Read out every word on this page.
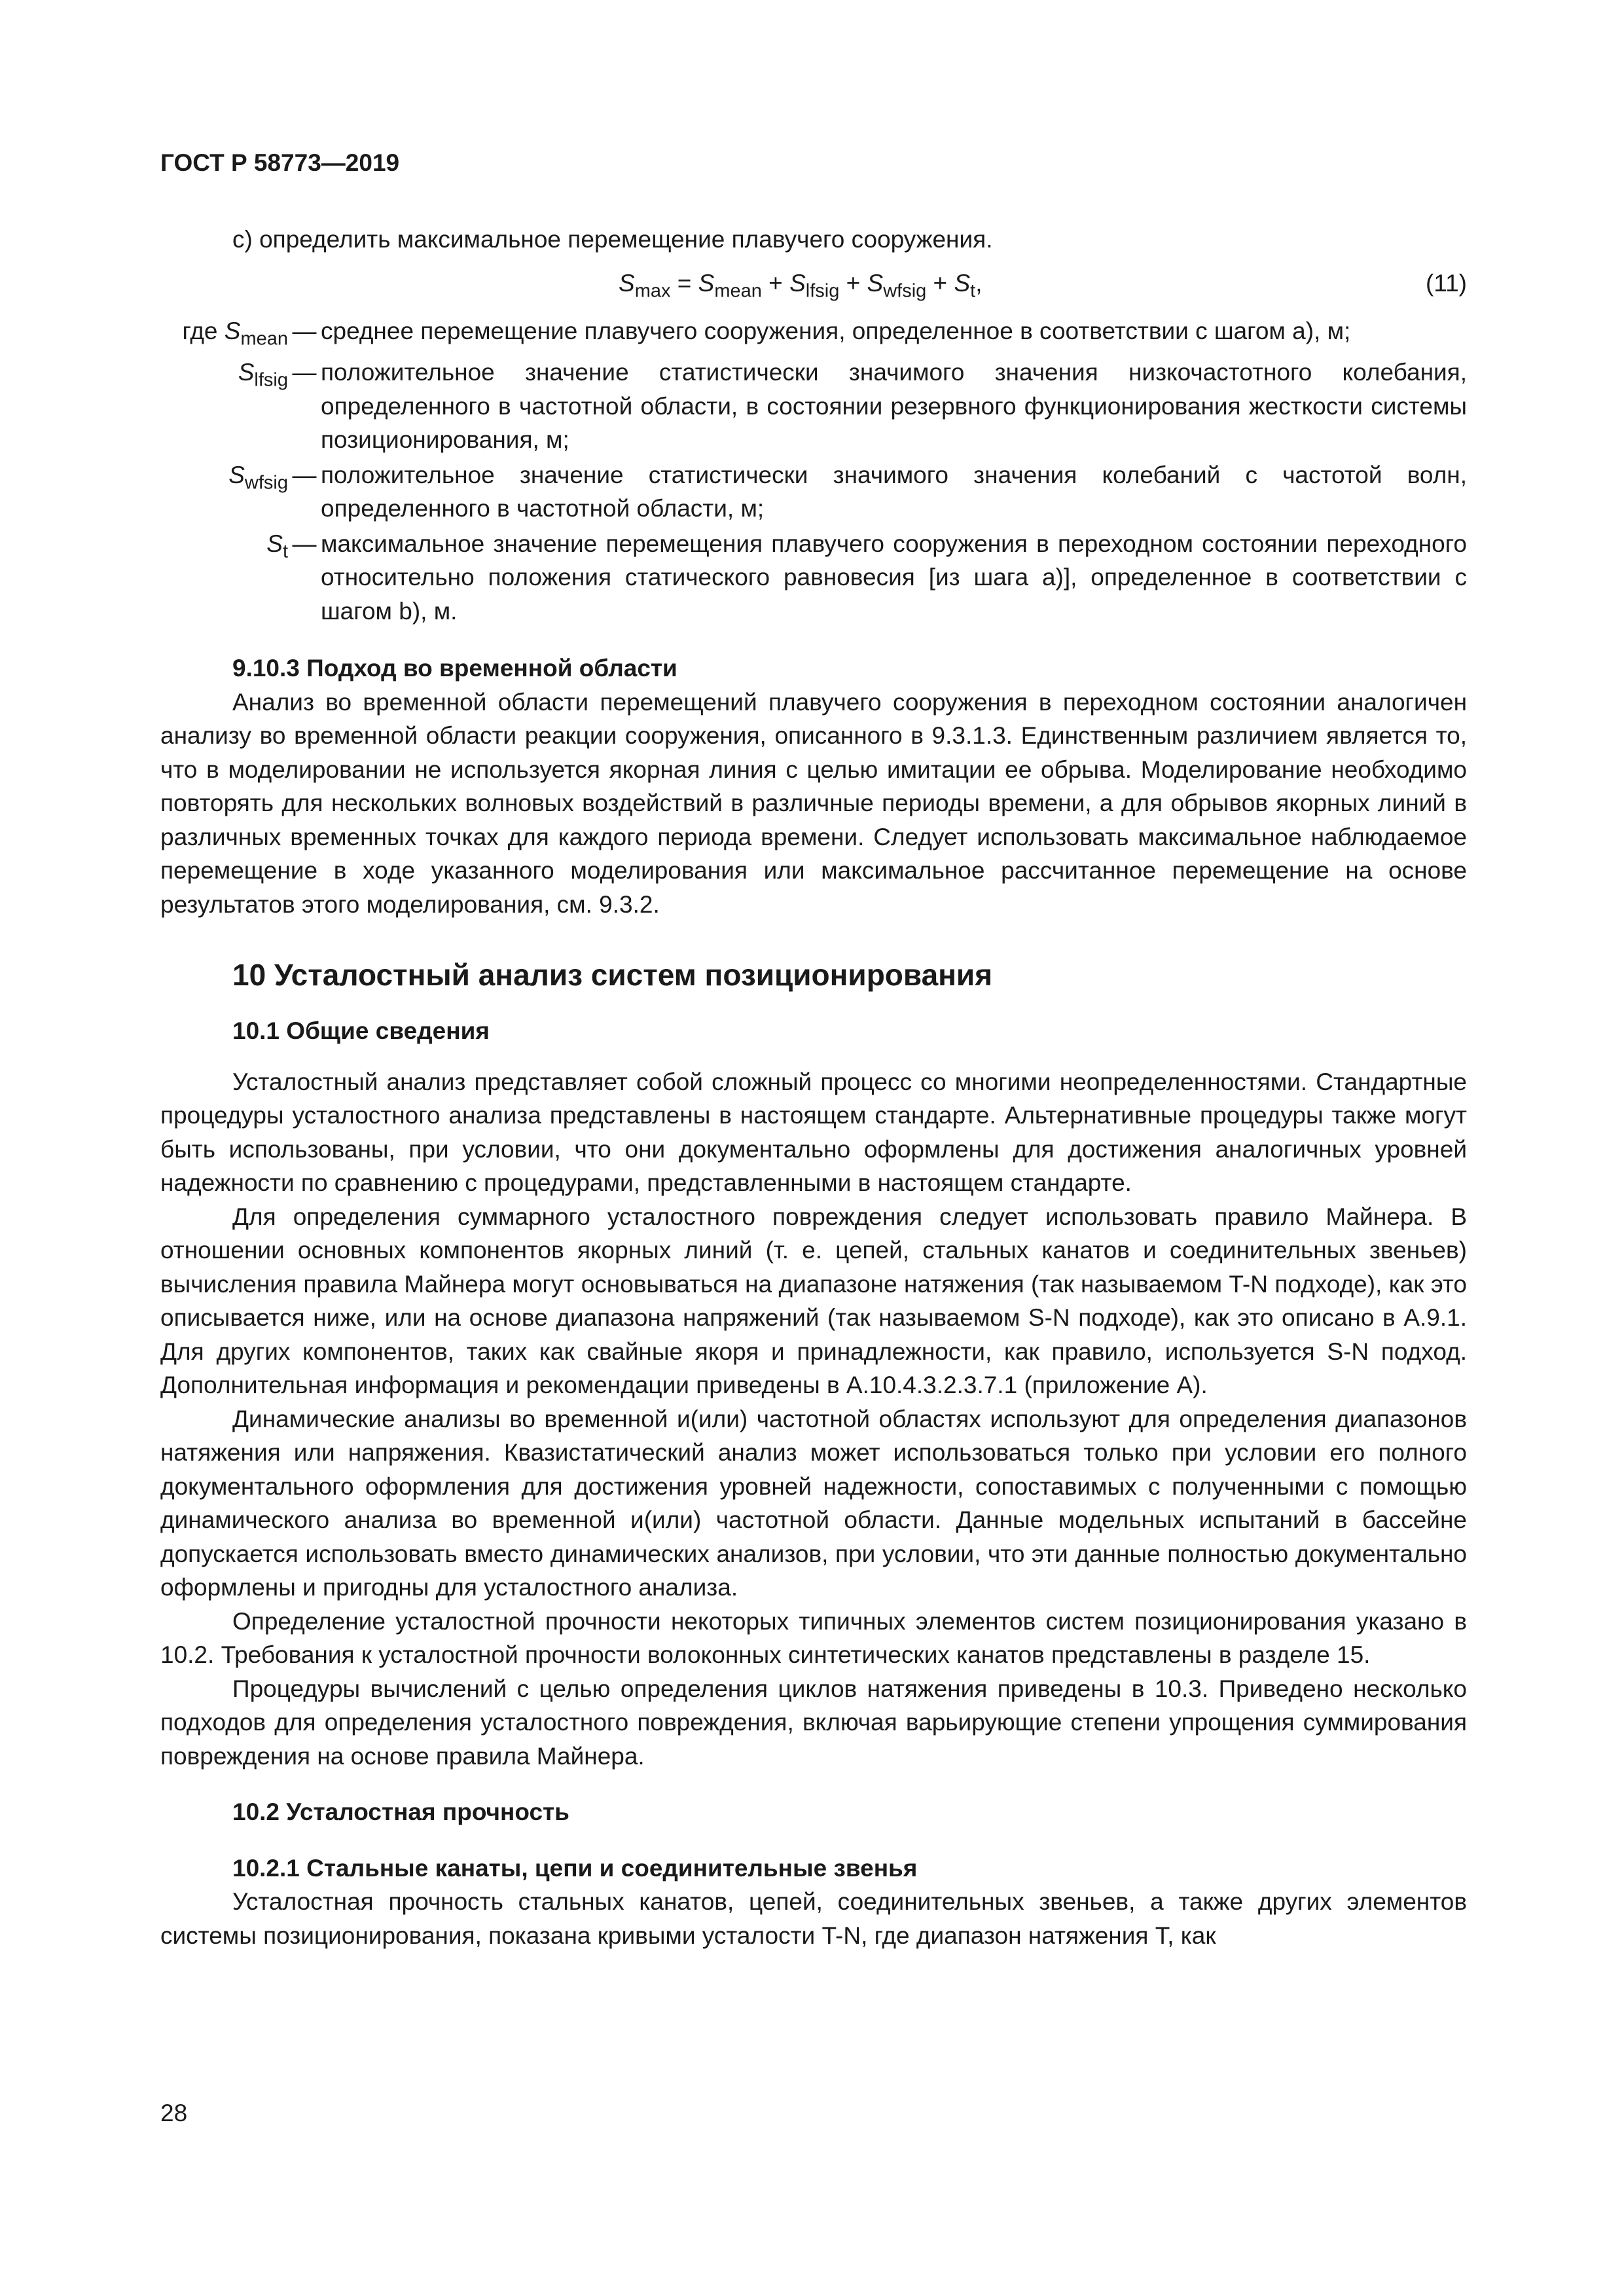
ГОСТ Р 58773—2019

с) определить максимальное перемещение плавучего сооружения.

$S_{max} = S_{mean} + S_{lfsig} + S_{wfsig} + S_t$,	(11)
где $S_{mean}$ — среднее перемещение плавучего сооружения, определенное в соответствии с шагом а), м;
$S_{lfsig}$ — положительное значение статистически значимого значения низкочастотного колебания, определенного в частотной области, в состоянии резервного функционирования жесткости системы позиционирования, м;
$S_{wfsig}$ — положительное значение статистически значимого значения колебаний с частотой волн, определенного в частотной области, м;
$S_t$ — максимальное значение перемещения плавучего сооружения в переходном состоянии переходного относительно положения статического равновесия [из шага а)], определенное в соответствии с шагом b), м.
9.10.3 Подход во временной области

Анализ во временной области перемещений плавучего сооружения в переходном состоянии аналогичен анализу во временной области реакции сооружения, описанного в 9.3.1.3. Единственным различием является то, что в моделировании не используется якорная линия с целью имитации ее обрыва. Моделирование необходимо повторять для нескольких волновых воздействий в различные периоды времени, а для обрывов якорных линий в различных временных точках для каждого периода времени. Следует использовать максимальное наблюдаемое перемещение в ходе указанного моделирования или максимальное рассчитанное перемещение на основе результатов этого моделирования, см. 9.3.2.

10 Усталостный анализ систем позиционирования
10.1 Общие сведения

Усталостный анализ представляет собой сложный процесс со многими неопределенностями. Стандартные процедуры усталостного анализа представлены в настоящем стандарте. Альтернативные процедуры также могут быть использованы, при условии, что они документально оформлены для достижения аналогичных уровней надежности по сравнению с процедурами, представленными в настоящем стандарте.

Для определения суммарного усталостного повреждения следует использовать правило Майнера. В отношении основных компонентов якорных линий (т. е. цепей, стальных канатов и соединительных звеньев) вычисления правила Майнера могут основываться на диапазоне натяжения (так называемом T-N подходе), как это описывается ниже, или на основе диапазона напряжений (так называемом S-N подходе), как это описано в А.9.1. Для других компонентов, таких как свайные якоря и принадлежности, как правило, используется S-N подход. Дополнительная информация и рекомендации приведены в А.10.4.3.2.3.7.1 (приложение А).

Динамические анализы во временной и(или) частотной областях используют для определения диапазонов натяжения или напряжения. Квазистатический анализ может использоваться только при условии его полного документального оформления для достижения уровней надежности, сопоставимых с полученными с помощью динамического анализа во временной и(или) частотной области. Данные модельных испытаний в бассейне допускается использовать вместо динамических анализов, при условии, что эти данные полностью документально оформлены и пригодны для усталостного анализа.

Определение усталостной прочности некоторых типичных элементов систем позиционирования указано в 10.2. Требования к усталостной прочности волоконных синтетических канатов представлены в разделе 15.

Процедуры вычислений с целью определения циклов натяжения приведены в 10.3. Приведено несколько подходов для определения усталостного повреждения, включая варьирующие степени упрощения суммирования повреждения на основе правила Майнера.

10.2 Усталостная прочность
10.2.1 Стальные канаты, цепи и соединительные звенья

Усталостная прочность стальных канатов, цепей, соединительных звеньев, а также других элементов системы позиционирования, показана кривыми усталости T-N, где диапазон натяжения T, как

28
